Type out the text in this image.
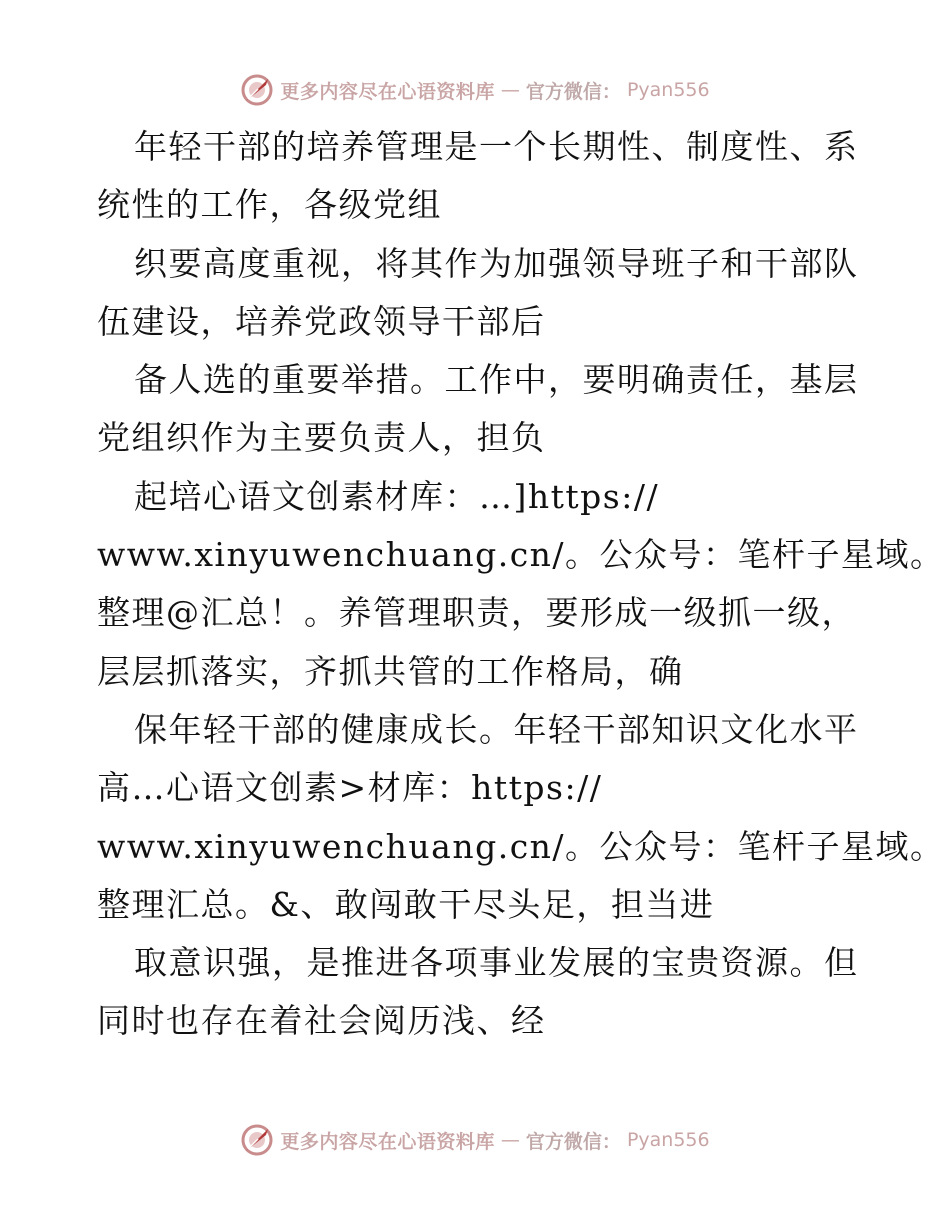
更多内容尽在心语资料库 — 官方微信： Pyan556
年轻干部的培养管理是一个长期性、制度性、系
统性的工作，各级党组
织要高度重视，将其作为加强领导班子和干部队
伍建设，培养党政领导干部后
备人选的重要举措。工作中，要明确责任，基层
党组织作为主要负责人，担负
起培心语文创素材库：…]https://
www.xinyuwenchuang.cn/。公众号：笔杆子星域。
整理@汇总！。养管理职责，要形成一级抓一级，
层层抓落实，齐抓共管的工作格局，确
保年轻干部的健康成长。年轻干部知识文化水平
高…心语文创素>材库：https://
www.xinyuwenchuang.cn/。公众号：笔杆子星域。
整理汇总。&、敢闯敢干尽头足，担当进
取意识强，是推进各项事业发展的宝贵资源。但
同时也存在着社会阅历浅、经
更多内容尽在心语资料库 — 官方微信： Pyan556
